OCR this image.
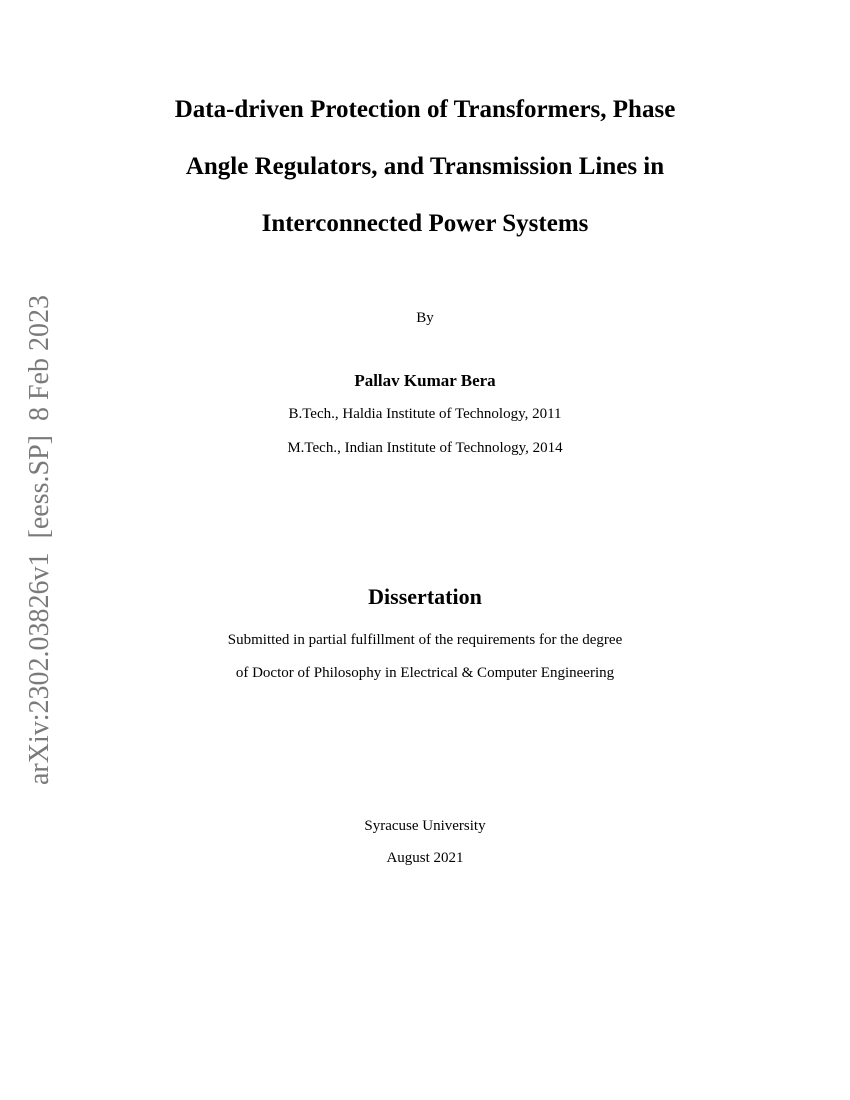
arXiv:2302.03826v1  [eess.SP]  8 Feb 2023
Data-driven Protection of Transformers, Phase
Angle Regulators, and Transmission Lines in
Interconnected Power Systems
By
Pallav Kumar Bera
B.Tech., Haldia Institute of Technology, 2011
M.Tech., Indian Institute of Technology, 2014
Dissertation
Submitted in partial fulfillment of the requirements for the degree
of Doctor of Philosophy in Electrical & Computer Engineering
Syracuse University
August 2021
